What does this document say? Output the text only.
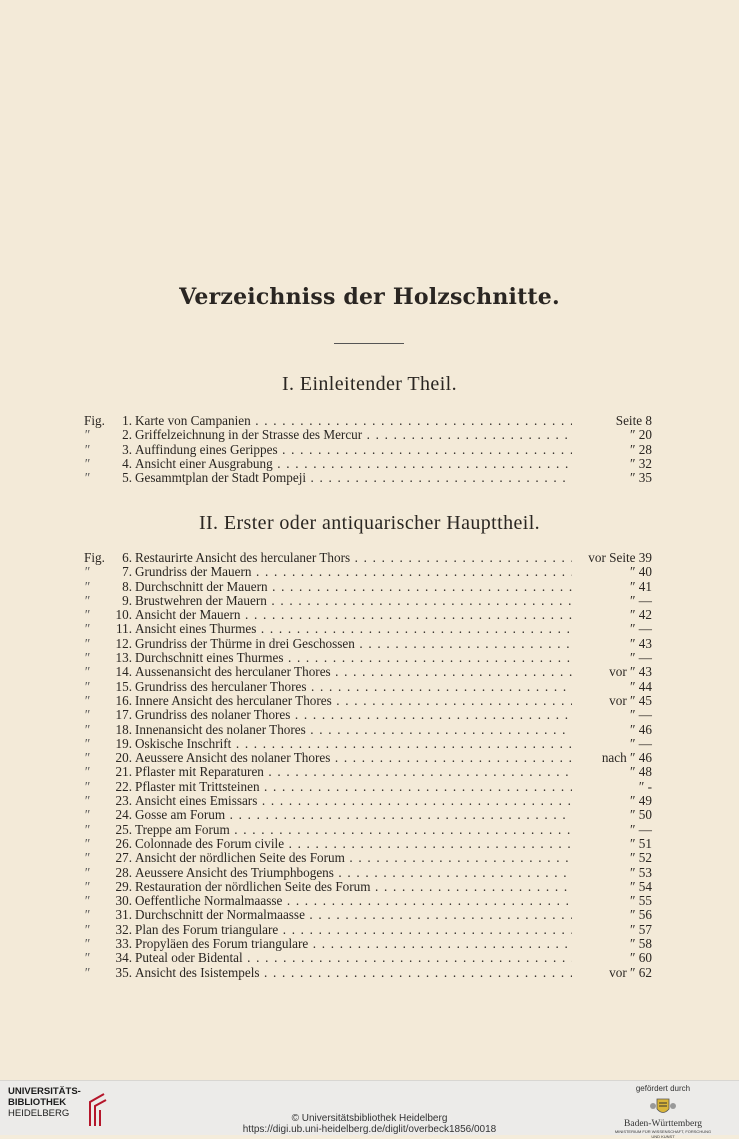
Verzeichniss der Holzschnitte.
I. Einleitender Theil.
Fig.	1. Karte von Campanien . . .	Seite 8
″	2. Griffelzeichnung in der Strasse des Mercur . . .	″ 20
″	3. Auffindung eines Gerippes . . .	″ 28
″	4. Ansicht einer Ausgrabung . . .	″ 32
″	5. Gesammtplan der Stadt Pompeji . . .	″ 35
II. Erster oder antiquarischer Haupttheil.
Fig.	6. Restaurirte Ansicht des herculaner Thors . . .	vor Seite 39
″	7. Grundriss der Mauern . . .	″ 40
″	8. Durchschnitt der Mauern . . .	″ 41
″	9. Brustwehren der Mauern . . .	″ —
″	10. Ansicht der Mauern . . .	″ 42
″	11. Ansicht eines Thurmes . . .	″ —
″	12. Grundriss der Thürme in drei Geschossen . . .	″ 43
″	13. Durchschnitt eines Thurmes . . .	″ —
″	14. Aussenansicht des herculaner Thores . . .	vor ″ 43
″	15. Grundriss des herculaner Thores . . .	″ 44
″	16. Innere Ansicht des herculaner Thores . . .	vor ″ 45
″	17. Grundriss des nolaner Thores . . .	″ —
″	18. Innenansicht des nolaner Thores . . .	″ 46
″	19. Oskische Inschrift . . .	″ —
″	20. Aeussere Ansicht des nolaner Thores . . .	nach ″ 46
″	21. Pflaster mit Reparaturen . . .	″ 48
″	22. Pflaster mit Trittsteinen . . .	″ -
″	23. Ansicht eines Emissars . . .	″ 49
″	24. Gosse am Forum . . .	″ 50
″	25. Treppe am Forum . . .	″ —
″	26. Colonnade des Forum civile . . .	″ 51
″	27. Ansicht der nördlichen Seite des Forum . . .	″ 52
″	28. Aeussere Ansicht des Triumphbogens . . .	″ 53
″	29. Restauration der nördlichen Seite des Forum . . .	″ 54
″	30. Oeffentliche Normalmaasse . . .	″ 55
″	31. Durchschnitt der Normalmaasse . . .	″ 56
″	32. Plan des Forum triangulare . . .	″ 57
″	33. Propyläen des Forum triangulare . . .	″ 58
″	34. Puteal oder Bidental . . .	″ 60
″	35. Ansicht des Isistempels . . .	vor ″ 62
UNIVERSITÄTS-
BIBLIOTHEK
HEIDELBERG	© Universitätsbibliothek Heidelberg
https://digi.ub.uni-heidelberg.de/diglit/overbeck1856/0018
gefördert durch
Baden-Württemberg
MINISTERIUM FÜR WISSENSCHAFT, FORSCHUNG UND KUNST
